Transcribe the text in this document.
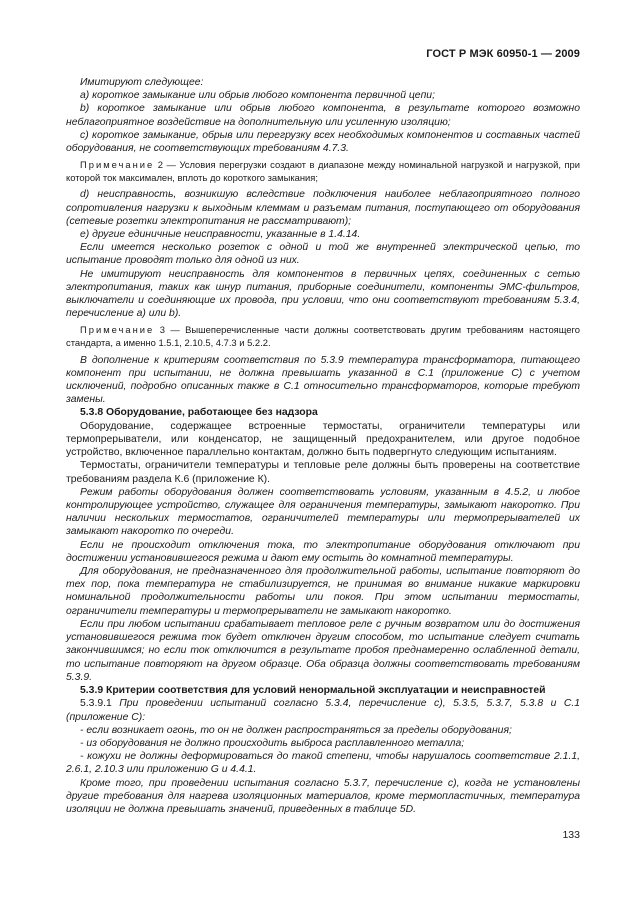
ГОСТ Р МЭК 60950-1 — 2009

Имитируют следующее:

а) короткое замыкание или обрыв любого компонента первичной цепи;

b) короткое замыкание или обрыв любого компонента, в результате которого возможно неблагоприятное воздействие на дополнительную или усиленную изоляцию;

с) короткое замыкание, обрыв или перегрузку всех необходимых компонентов и составных частей оборудования, не соответствующих требованиям 4.7.3.

Примечание 2 — Условия перегрузки создают в диапазоне между номинальной нагрузкой и нагрузкой, при которой ток максимален, вплоть до короткого замыкания;

d) неисправность, возникшую вследствие подключения наиболее неблагоприятного полного сопротивления нагрузки к выходным клеммам и разъемам питания, поступающего от оборудования (сетевые розетки электропитания не рассматривают);

е) другие единичные неисправности, указанные в 1.4.14.

Если имеется несколько розеток с одной и той же внутренней электрической цепью, то испытание проводят только для одной из них.

Не имитируют неисправность для компонентов в первичных цепях, соединенных с сетью электропитания, таких как шнур питания, приборные соединители, компоненты ЭМС-фильтров, выключатели и соединяющие их провода, при условии, что они соответствуют требованиям 5.3.4, перечисление а) или b).

Примечание 3 — Вышеперечисленные части должны соответствовать другим требованиям настоящего стандарта, а именно 1.5.1, 2.10.5, 4.7.3 и 5.2.2.

В дополнение к критериям соответствия по 5.3.9 температура трансформатора, питающего компонент при испытании, не должна превышать указанной в С.1 (приложение С) с учетом исключений, подробно описанных также в С.1 относительно трансформаторов, которые требуют замены.

5.3.8 Оборудование, работающее без надзора

Оборудование, содержащее встроенные термостаты, ограничители температуры или термопрерыватели, или конденсатор, не защищенный предохранителем, или другое подобное устройство, включенное параллельно контактам, должно быть подвергнуто следующим испытаниям.

Термостаты, ограничители температуры и тепловые реле должны быть проверены на соответствие требованиям раздела К.6 (приложение К).

Режим работы оборудования должен соответствовать условиям, указанным в 4.5.2, и любое контролирующее устройство, служащее для ограничения температуры, замыкают накоротко. При наличии нескольких термостатов, ограничителей температуры или термопрерывателей их замыкают накоротко по очереди.

Если не происходит отключения тока, то электропитание оборудования отключают при достижении установившегося режима и дают ему остыть до комнатной температуры.

Для оборудования, не предназначенного для продолжительной работы, испытание повторяют до тех пор, пока температура не стабилизируется, не принимая во внимание никакие маркировки номинальной продолжительности работы или покоя. При этом испытании термостаты, ограничители температуры и термопрерыватели не замыкают накоротко.

Если при любом испытании срабатывает тепловое реле с ручным возвратом или до достижения установившегося режима ток будет отключен другим способом, то испытание следует считать закончившимся; но если ток отключится в результате пробоя преднамеренно ослабленной детали, то испытание повторяют на другом образце. Оба образца должны соответствовать требованиям 5.3.9.

5.3.9 Критерии соответствия для условий ненормальной эксплуатации и неисправностей

5.3.9.1 При проведении испытаний согласно 5.3.4, перечисление с), 5.3.5, 5.3.7, 5.3.8 и С.1 (приложение С):

- если возникает огонь, то он не должен распространяться за пределы оборудования;

- из оборудования не должно происходить выброса расплавленного металла;

- кожухи не должны деформироваться до такой степени, чтобы нарушалось соответствие 2.1.1, 2.6.1, 2.10.3 или приложению G и 4.4.1.

Кроме того, при проведении испытания согласно 5.3.7, перечисление с), когда не установлены другие требования для нагрева изоляционных материалов, кроме термопластичных, температура изоляции не должна превышать значений, приведенных в таблице 5D.

133
